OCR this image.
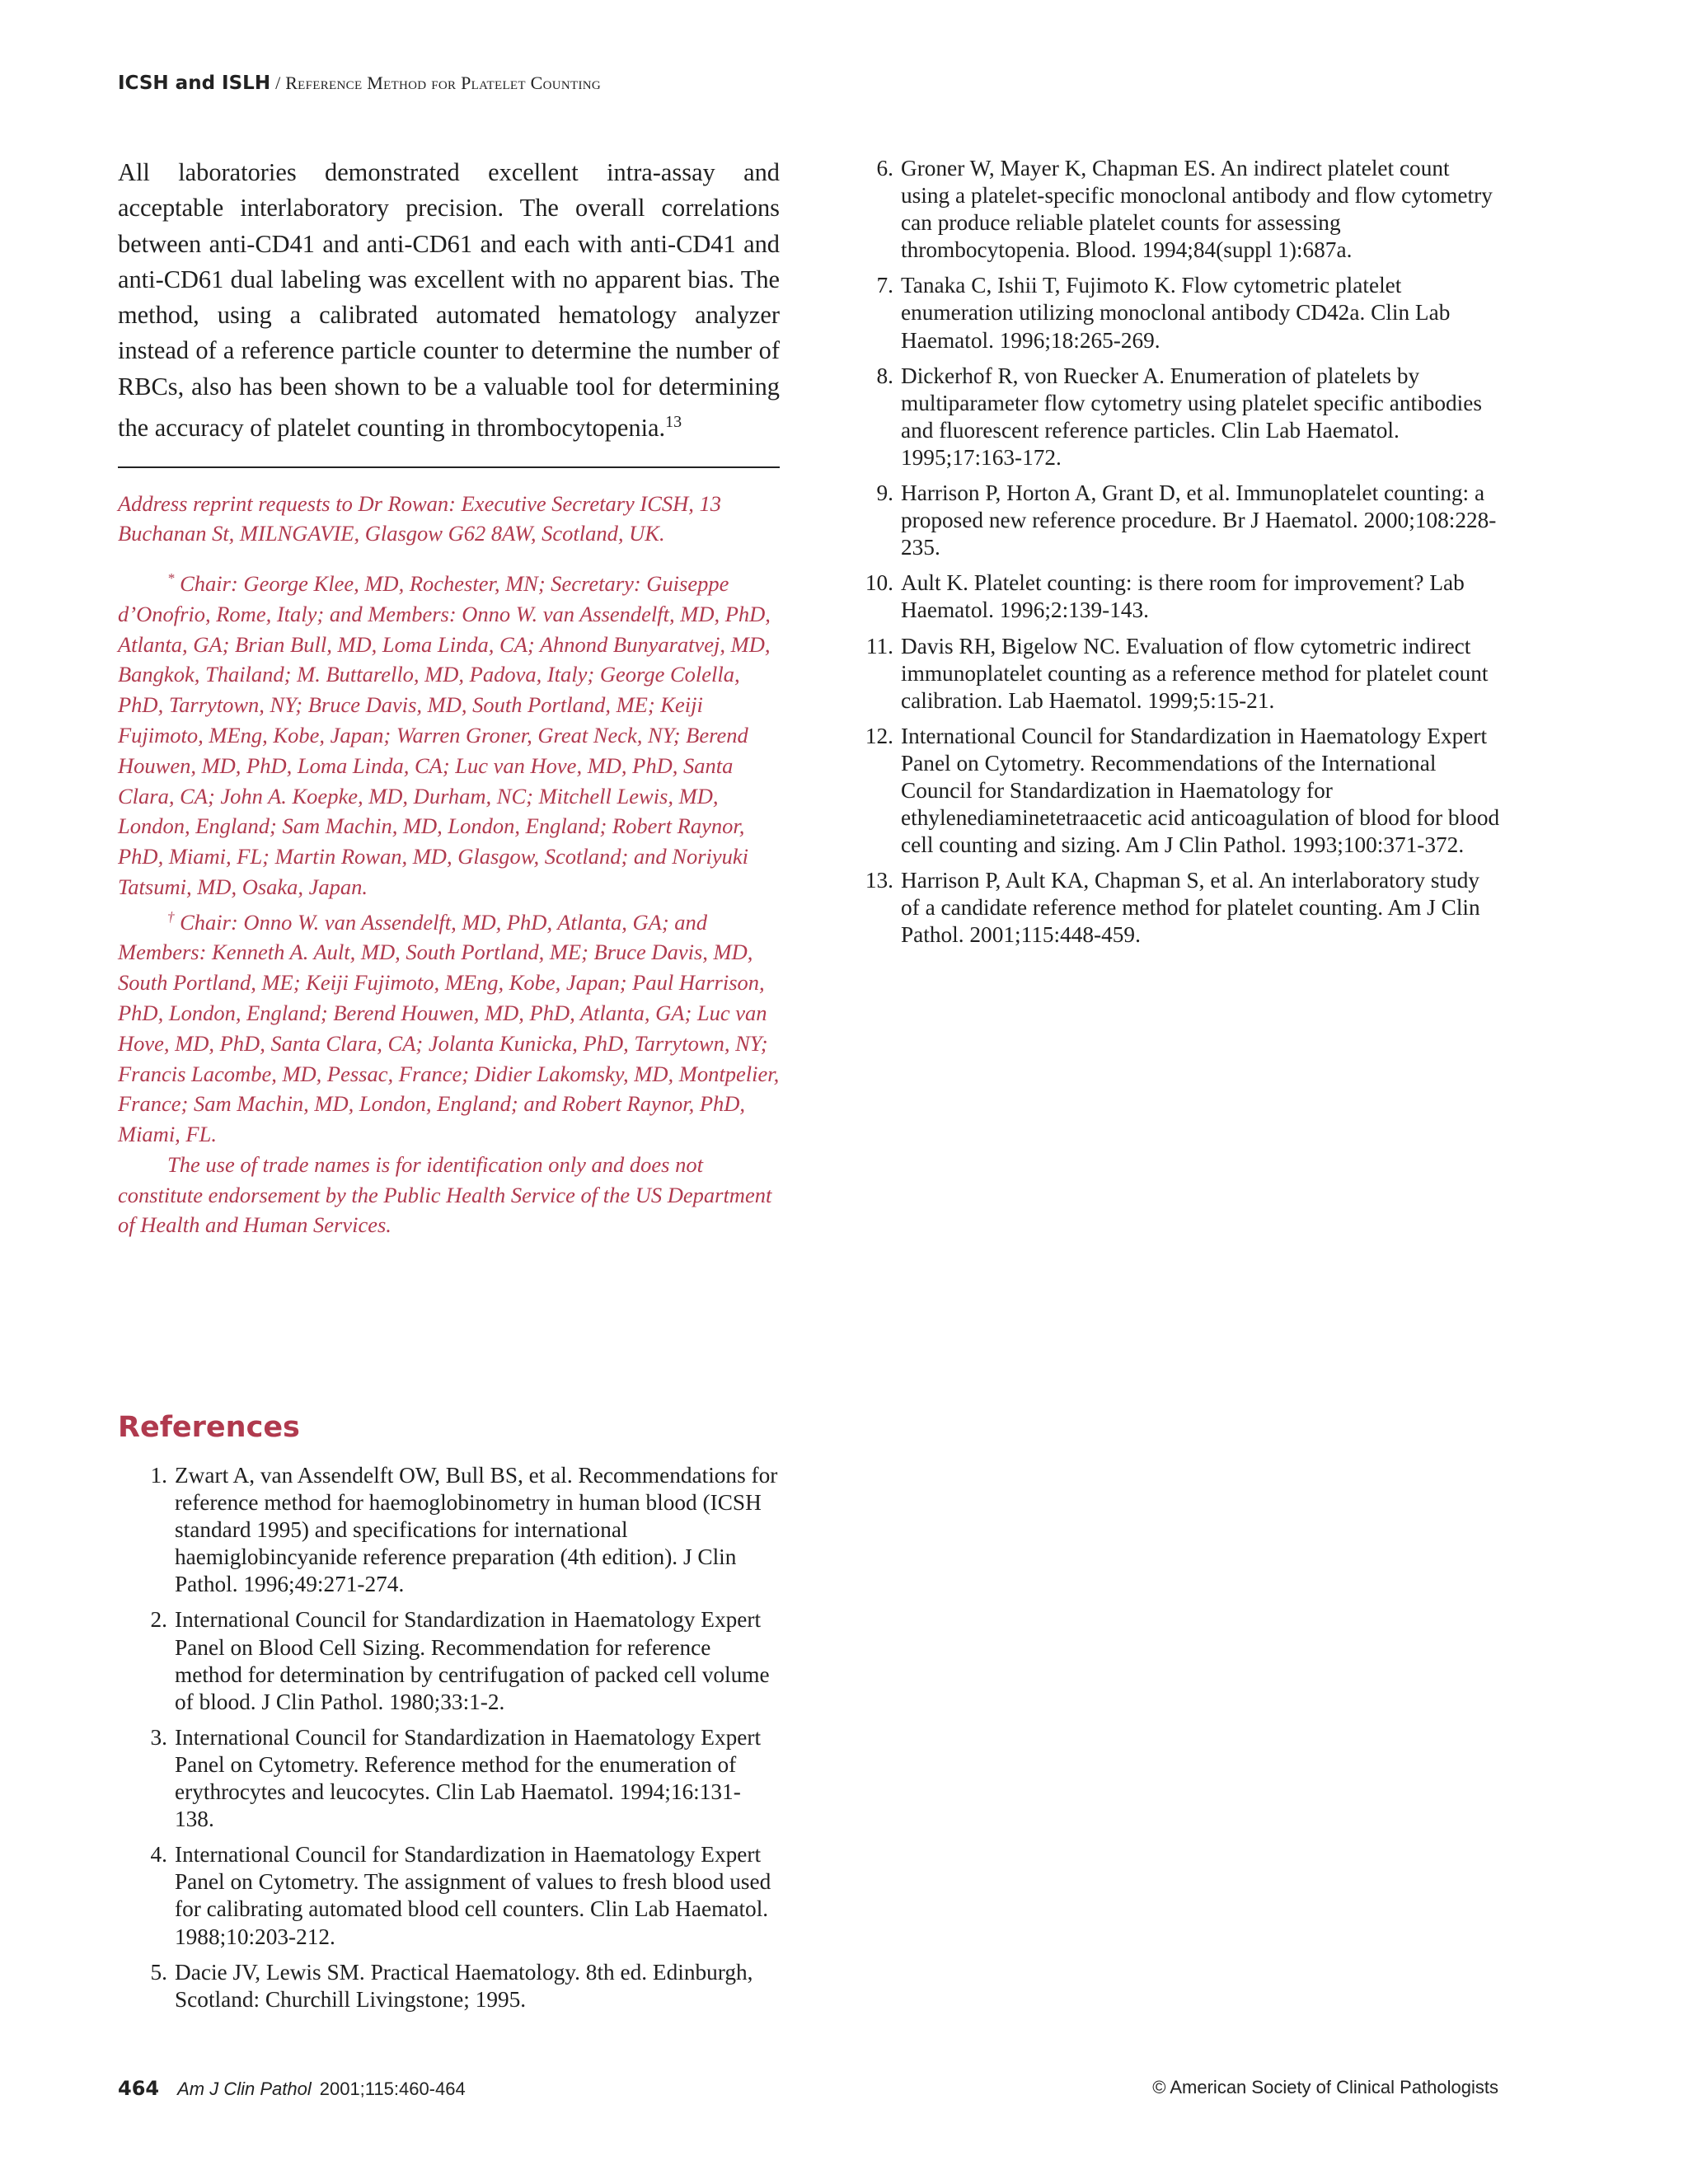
ICSH and ISLH / Reference Method for Platelet Counting

All laboratories demonstrated excellent intra-assay and acceptable interlaboratory precision. The overall correlations between anti-CD41 and anti-CD61 and each with anti-CD41 and anti-CD61 dual labeling was excellent with no apparent bias. The method, using a calibrated automated hematology analyzer instead of a reference particle counter to determine the number of RBCs, also has been shown to be a valuable tool for determining the accuracy of platelet counting in thrombocytopenia.$^{13}$

Address reprint requests to Dr Rowan: Executive Secretary ICSH, 13 Buchanan St, MILNGAVIE, Glasgow G62 8AW, Scotland, UK.

* Chair: George Klee, MD, Rochester, MN; Secretary: Guiseppe d’Onofrio, Rome, Italy; and Members: Onno W. van Assendelft, MD, PhD, Atlanta, GA; Brian Bull, MD, Loma Linda, CA; Ahnond Bunyaratvej, MD, Bangkok, Thailand; M. Buttarello, MD, Padova, Italy; George Colella, PhD, Tarrytown, NY; Bruce Davis, MD, South Portland, ME; Keiji Fujimoto, MEng, Kobe, Japan; Warren Groner, Great Neck, NY; Berend Houwen, MD, PhD, Loma Linda, CA; Luc van Hove, MD, PhD, Santa Clara, CA; John A. Koepke, MD, Durham, NC; Mitchell Lewis, MD, London, England; Sam Machin, MD, London, England; Robert Raynor, PhD, Miami, FL; Martin Rowan, MD, Glasgow, Scotland; and Noriyuki Tatsumi, MD, Osaka, Japan.

† Chair: Onno W. van Assendelft, MD, PhD, Atlanta, GA; and Members: Kenneth A. Ault, MD, South Portland, ME; Bruce Davis, MD, South Portland, ME; Keiji Fujimoto, MEng, Kobe, Japan; Paul Harrison, PhD, London, England; Berend Houwen, MD, PhD, Atlanta, GA; Luc van Hove, MD, PhD, Santa Clara, CA; Jolanta Kunicka, PhD, Tarrytown, NY; Francis Lacombe, MD, Pessac, France; Didier Lakomsky, MD, Montpelier, France; Sam Machin, MD, London, England; and Robert Raynor, PhD, Miami, FL.

The use of trade names is for identification only and does not constitute endorsement by the Public Health Service of the US Department of Health and Human Services.

References
1. Zwart A, van Assendelft OW, Bull BS, et al. Recommendations for reference method for haemoglobinometry in human blood (ICSH standard 1995) and specifications for international haemiglobincyanide reference preparation (4th edition). J Clin Pathol. 1996;49:271-274.
2. International Council for Standardization in Haematology Expert Panel on Blood Cell Sizing. Recommendation for reference method for determination by centrifugation of packed cell volume of blood. J Clin Pathol. 1980;33:1-2.
3. International Council for Standardization in Haematology Expert Panel on Cytometry. Reference method for the enumeration of erythrocytes and leucocytes. Clin Lab Haematol. 1994;16:131-138.
4. International Council for Standardization in Haematology Expert Panel on Cytometry. The assignment of values to fresh blood used for calibrating automated blood cell counters. Clin Lab Haematol. 1988;10:203-212.
5. Dacie JV, Lewis SM. Practical Haematology. 8th ed. Edinburgh, Scotland: Churchill Livingstone; 1995.
6. Groner W, Mayer K, Chapman ES. An indirect platelet count using a platelet-specific monoclonal antibody and flow cytometry can produce reliable platelet counts for assessing thrombocytopenia. Blood. 1994;84(suppl 1):687a.
7. Tanaka C, Ishii T, Fujimoto K. Flow cytometric platelet enumeration utilizing monoclonal antibody CD42a. Clin Lab Haematol. 1996;18:265-269.
8. Dickerhof R, von Ruecker A. Enumeration of platelets by multiparameter flow cytometry using platelet specific antibodies and fluorescent reference particles. Clin Lab Haematol. 1995;17:163-172.
9. Harrison P, Horton A, Grant D, et al. Immunoplatelet counting: a proposed new reference procedure. Br J Haematol. 2000;108:228-235.
10. Ault K. Platelet counting: is there room for improvement? Lab Haematol. 1996;2:139-143.
11. Davis RH, Bigelow NC. Evaluation of flow cytometric indirect immunoplatelet counting as a reference method for platelet count calibration. Lab Haematol. 1999;5:15-21.
12. International Council for Standardization in Haematology Expert Panel on Cytometry. Recommendations of the International Council for Standardization in Haematology for ethylenediaminetetraacetic acid anticoagulation of blood for blood cell counting and sizing. Am J Clin Pathol. 1993;100:371-372.
13. Harrison P, Ault KA, Chapman S, et al. An interlaboratory study of a candidate reference method for platelet counting. Am J Clin Pathol. 2001;115:448-459.
464 Am J Clin Pathol 2001;115:460-464	© American Society of Clinical Pathologists
